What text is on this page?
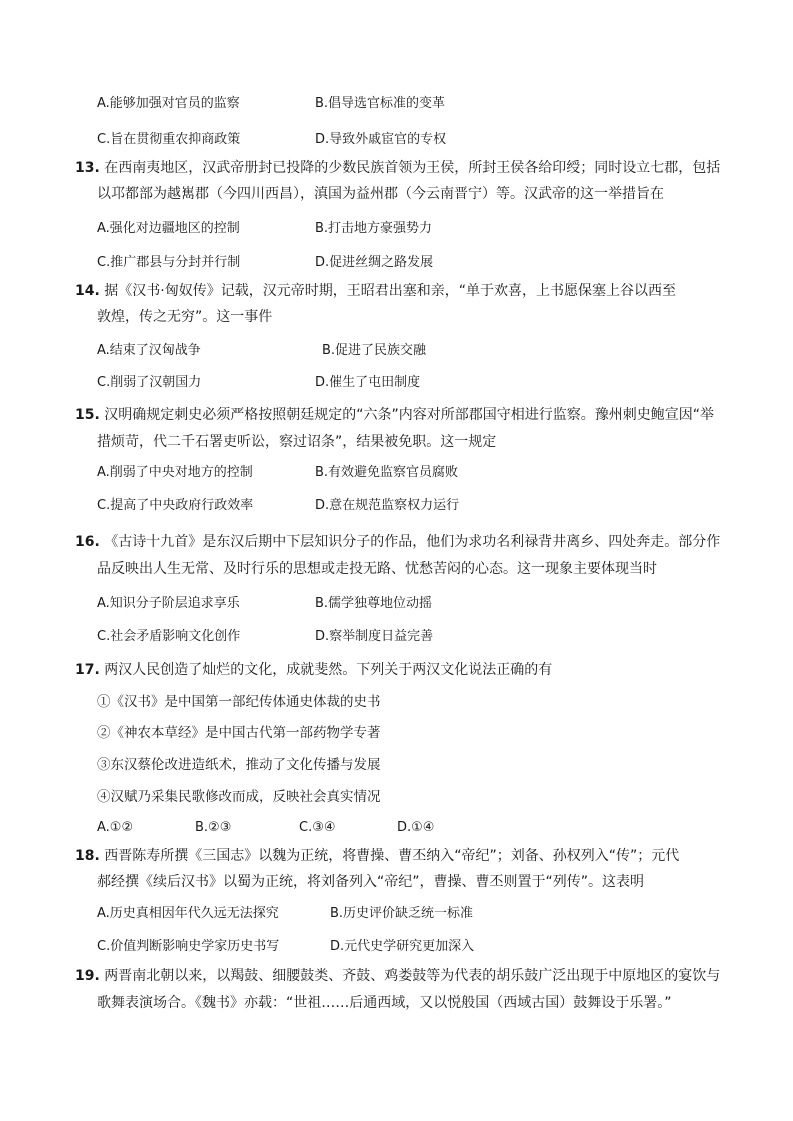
A.能够加强对官员的监察	B.倡导选官标准的变革
C.旨在贯彻重农抑商政策	D.导致外戚宦官的专权
13. 在西南夷地区，汉武帝册封已投降的少数民族首领为王侯，所封王侯各给印绶；同时设立七郡，包括
以邛都部为越嶲郡（今四川西昌），滇国为益州郡（今云南晋宁）等。汉武帝的这一举措旨在
A.强化对边疆地区的控制	B.打击地方豪强势力
C.推广郡县与分封并行制	D.促进丝绸之路发展
14. 据《汉书·匈奴传》记载，汉元帝时期，王昭君出塞和亲，“单于欢喜，上书愿保塞上谷以西至
敦煌，传之无穷”。这一事件
A.结束了汉匈战争	B.促进了民族交融
C.削弱了汉朝国力	D.催生了屯田制度
15. 汉明确规定刺史必须严格按照朝廷规定的“六条”内容对所部郡国守相进行监察。豫州刺史鲍宣因“举
措烦苛，代二千石署吏听讼，察过诏条”，结果被免职。这一规定
A.削弱了中央对地方的控制	B.有效避免监察官员腐败
C.提高了中央政府行政效率	D.意在规范监察权力运行
16. 《古诗十九首》是东汉后期中下层知识分子的作品，他们为求功名利禄背井离乡、四处奔走。部分作
品反映出人生无常、及时行乐的思想或走投无路、忧愁苦闷的心态。这一现象主要体现当时
A.知识分子阶层追求享乐	B.儒学独尊地位动摇
C.社会矛盾影响文化创作	D.察举制度日益完善
17. 两汉人民创造了灿烂的文化，成就斐然。下列关于两汉文化说法正确的有
①《汉书》是中国第一部纪传体通史体裁的史书
②《神农本草经》是中国古代第一部药物学专著
③东汉蔡伦改进造纸术，推动了文化传播与发展
④汉赋乃采集民歌修改而成，反映社会真实情况
A.①②	B.②③	C.③④	D.①④
18. 西晋陈寿所撰《三国志》以魏为正统，将曹操、曹丕纳入“帝纪”；刘备、孙权列入“传”；元代
郝经撰《续后汉书》以蜀为正统，将刘备列入“帝纪”，曹操、曹丕则置于“列传”。这表明
A.历史真相因年代久远无法探究	B.历史评价缺乏统一标准
C.价值判断影响史学家历史书写	D.元代史学研究更加深入
19. 两晋南北朝以来，以羯鼓、细腰鼓类、齐鼓、鸡娄鼓等为代表的胡乐鼓广泛出现于中原地区的宴饮与
歌舞表演场合。《魏书》亦载：“世祖……后通西域，又以悦般国（西域古国）鼓舞设于乐署。”
